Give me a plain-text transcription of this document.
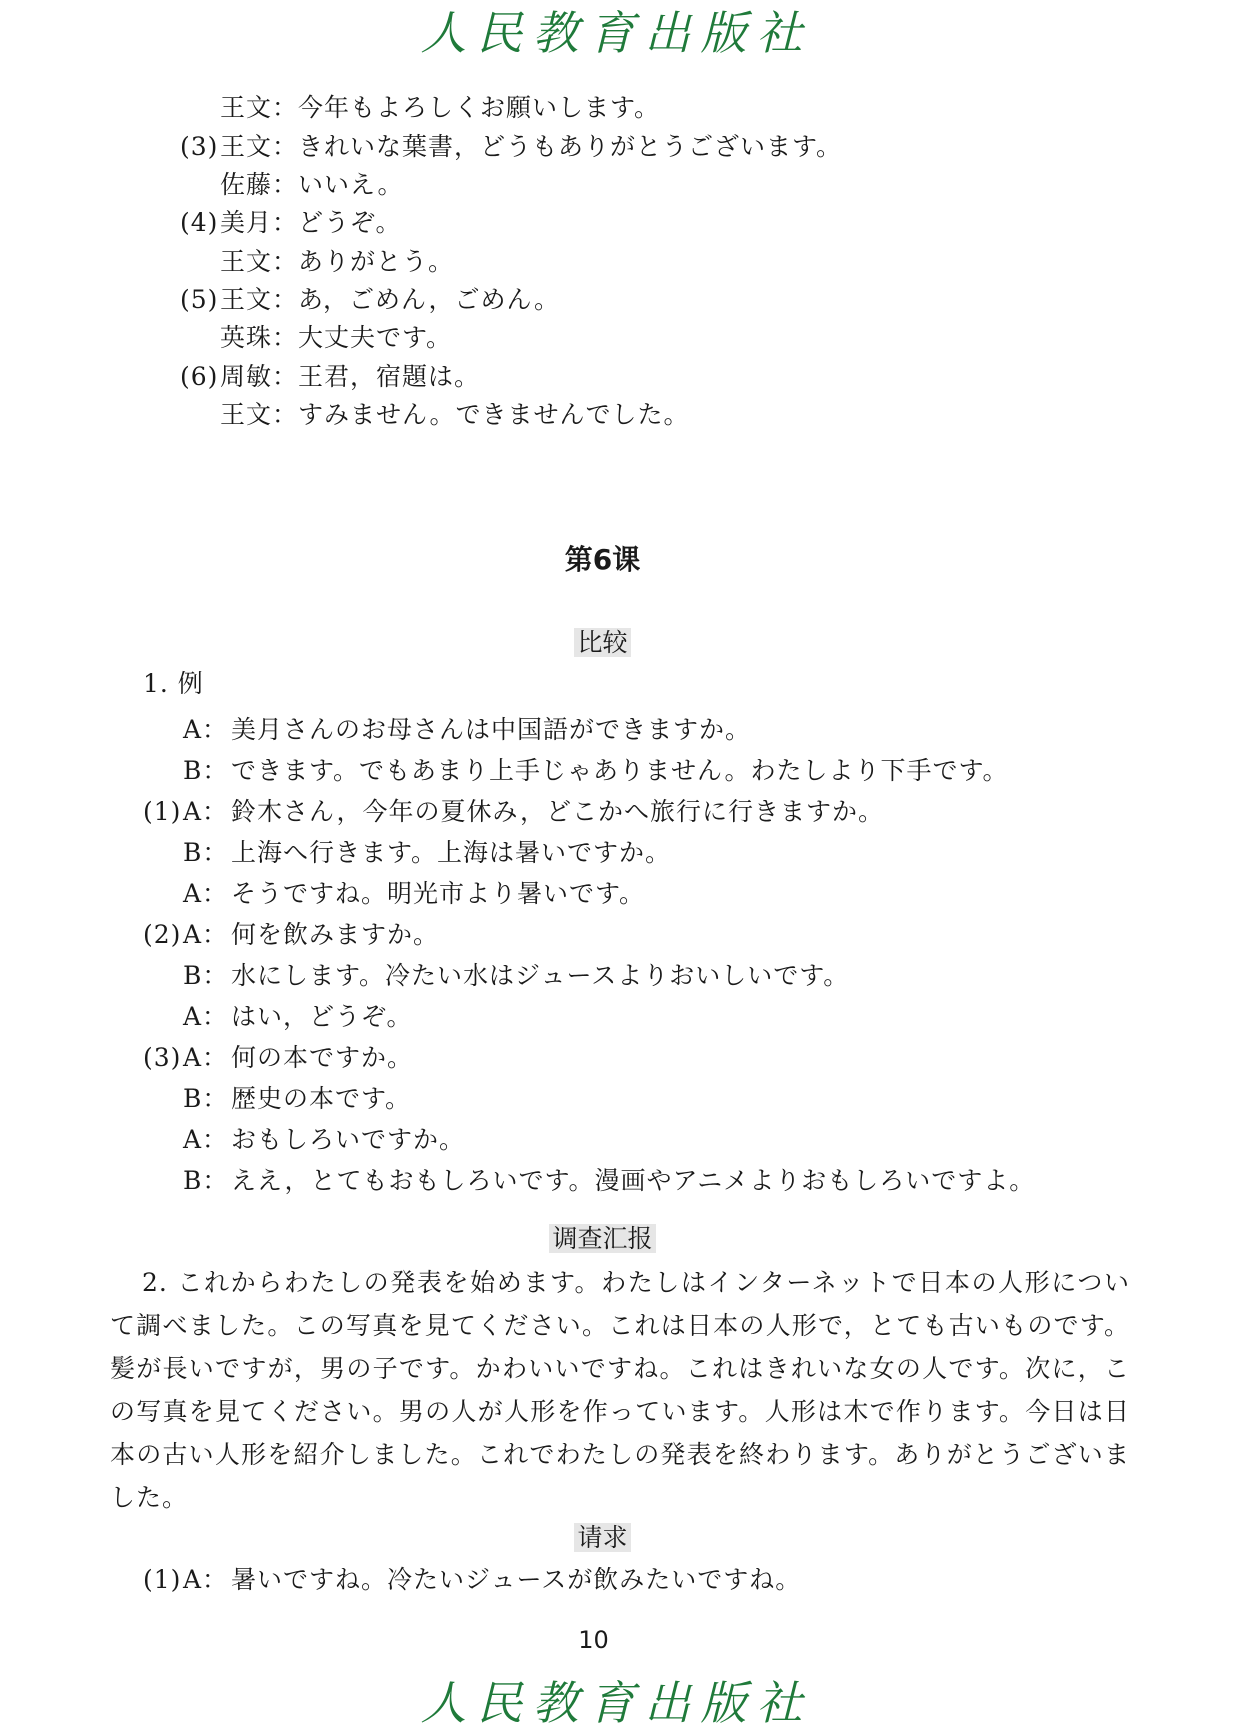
人民教育出版社
王文：今年もよろしくお願いします。
(3)王文：きれいな葉書，どうもありがとうございます。
佐藤：いいえ。
(4)美月：どうぞ。
王文：ありがとう。
(5)王文：あ，ごめん，ごめん。
英珠：大丈夫です。
(6)周敏：王君，宿題は。
王文：すみません。できませんでした。
第6课
比较
1. 例
A： 美月さんのお母さんは中国語ができますか。
B： できます。でもあまり上手じゃありません。わたしより下手です。
(1)A： 鈴木さん，今年の夏休み，どこかへ旅行に行きますか。
B： 上海へ行きます。上海は暑いですか。
A： そうですね。明光市より暑いです。
(2)A： 何を飲みますか。
B： 水にします。冷たい水はジュースよりおいしいです。
A： はい，どうぞ。
(3)A： 何の本ですか。
B： 歴史の本です。
A： おもしろいですか。
B： ええ，とてもおもしろいです。漫画やアニメよりおもしろいですよ。
调查汇报
2. これからわたしの発表を始めます。わたしはインターネットで日本の人形について調べました。この写真を見てください。これは日本の人形で，とても古いものです。髪が長いですが，男の子です。かわいいですね。これはきれいな女の人です。次に，この写真を見てください。男の人が人形を作っています。人形は木で作ります。今日は日本の古い人形を紹介しました。これでわたしの発表を終わります。ありがとうございました。
请求
(1)A： 暑いですね。冷たいジュースが飲みたいですね。
10
人民教育出版社
